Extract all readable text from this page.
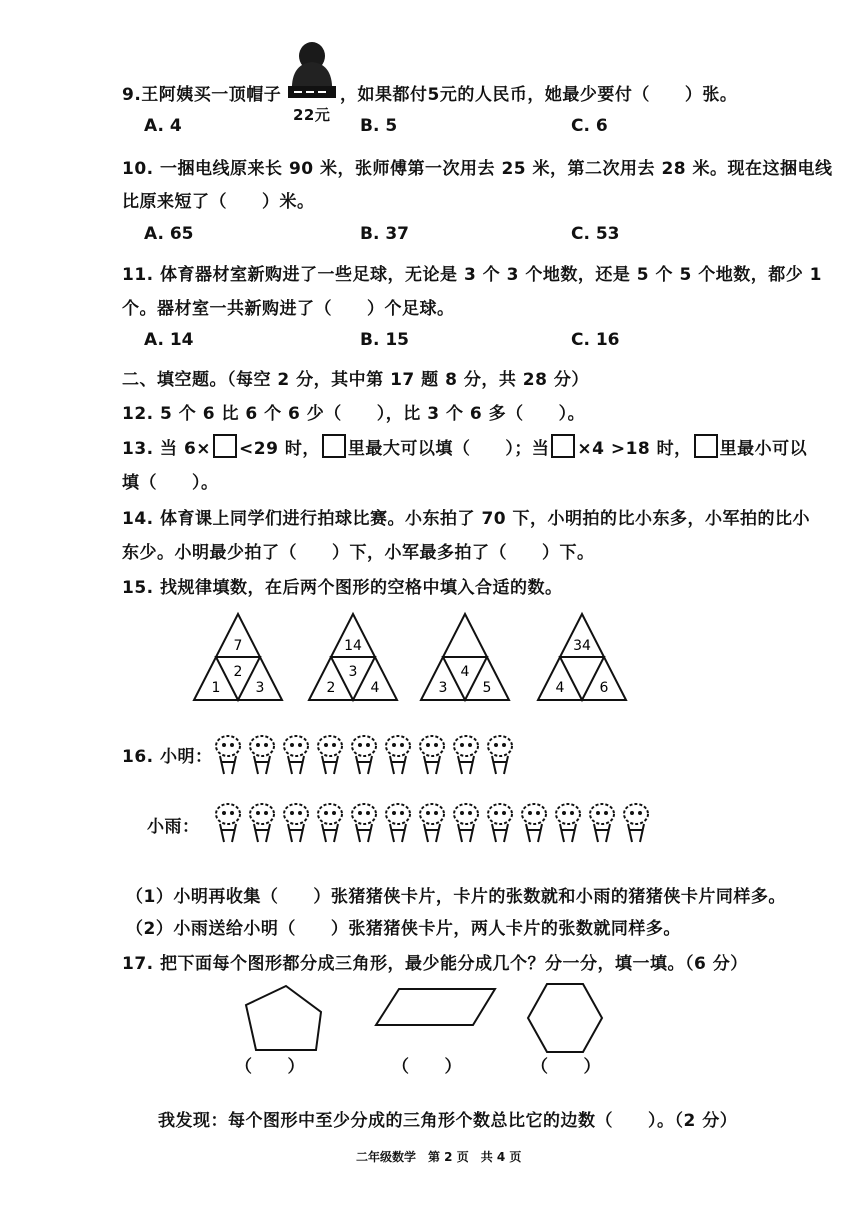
9.王阿姨买一顶帽子	，如果都付5元的人民币，她最少要付（　　）张。
22元
A. 4	B. 5	C. 6
10. 一捆电线原来长 90 米，张师傅第一次用去 25 米，第二次用去 28 米。现在这捆电线
比原来短了（　　）米。
A. 65	B. 37	C. 53
11. 体育器材室新购进了一些足球，无论是 3 个 3 个地数，还是 5 个 5 个地数，都少 1
个。器材室一共新购进了（　　）个足球。
A. 14	B. 15	C. 16
二、填空题。（每空 2 分，其中第 17 题 8 分，共 28 分）
12. 5 个 6 比 6 个 6 少（　　），比 3 个 6 多（　　）。
13. 当 6× <29 时， 里最大可以填（　　）；当 ×4 >18 时， 里最小可以
填（　　）。
14. 体育课上同学们进行拍球比赛。小东拍了 70 下，小明拍的比小东多，小军拍的比小
东少。小明最少拍了（　　）下，小军最多拍了（　　）下。
15. 找规律填数，在后两个图形的空格中填入合适的数。
7
1
2
3
14
2
3
4	3
4
5
34
4	6
16. 小明：
小雨：
（1）小明再收集（　　）张猪猪侠卡片，卡片的张数就和小雨的猪猪侠卡片同样多。
（2）小雨送给小明（　　）张猪猪侠卡片，两人卡片的张数就同样多。
17. 把下面每个图形都分成三角形，最少能分成几个？分一分，填一填。（6 分）
（　　）	（　　）	（　　）
我发现：每个图形中至少分成的三角形个数总比它的边数（　　）。（2 分）
二年级数学　第 2 页　共 4 页
